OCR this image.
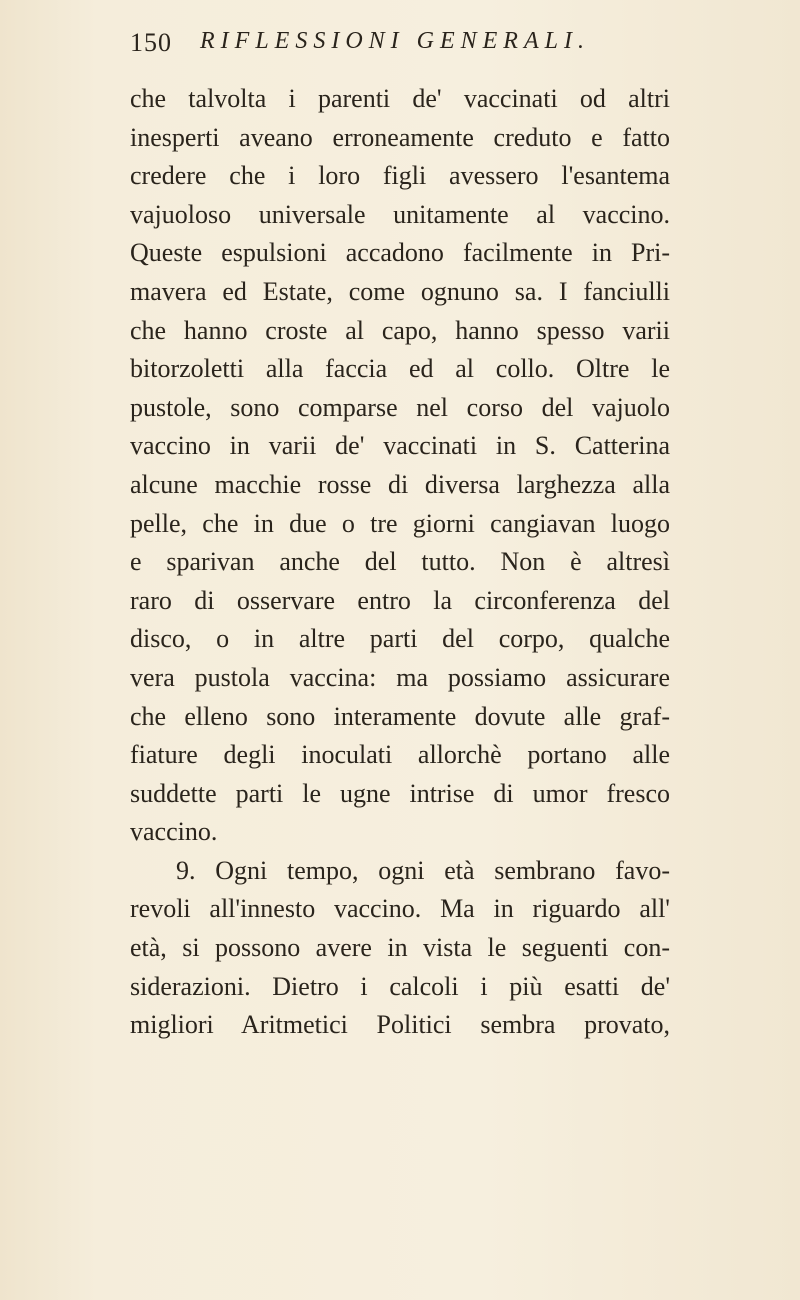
150 RIFLESSIONI GENERALI.
che talvolta i parenti de' vaccinati od altri
inesperti aveano erroneamente creduto e fatto
credere che i loro figli avessero l'esantema
vajuoloso universale unitamente al vaccino.
Queste espulsioni accadono facilmente in Pri-
mavera ed Estate, come ognuno sa. I fanciulli
che hanno croste al capo, hanno spesso varii
bitorzoletti alla faccia ed al collo. Oltre le
pustole, sono comparse nel corso del vajuolo
vaccino in varii de' vaccinati in S. Catterina
alcune macchie rosse di diversa larghezza alla
pelle, che in due o tre giorni cangiavan luogo
e sparivan anche del tutto. Non è altresì
raro di osservare entro la circonferenza del
disco, o in altre parti del corpo, qualche
vera pustola vaccina: ma possiamo assicurare
che elleno sono interamente dovute alle graf-
fiature degli inoculati allorchè portano alle
suddette parti le ugne intrise di umor fresco
vaccino.
9. Ogni tempo, ogni età sembrano favo-
revoli all'innesto vaccino. Ma in riguardo all'
età, si possono avere in vista le seguenti con-
siderazioni. Dietro i calcoli i più esatti de'
migliori Aritmetici Politici sembra provato,
